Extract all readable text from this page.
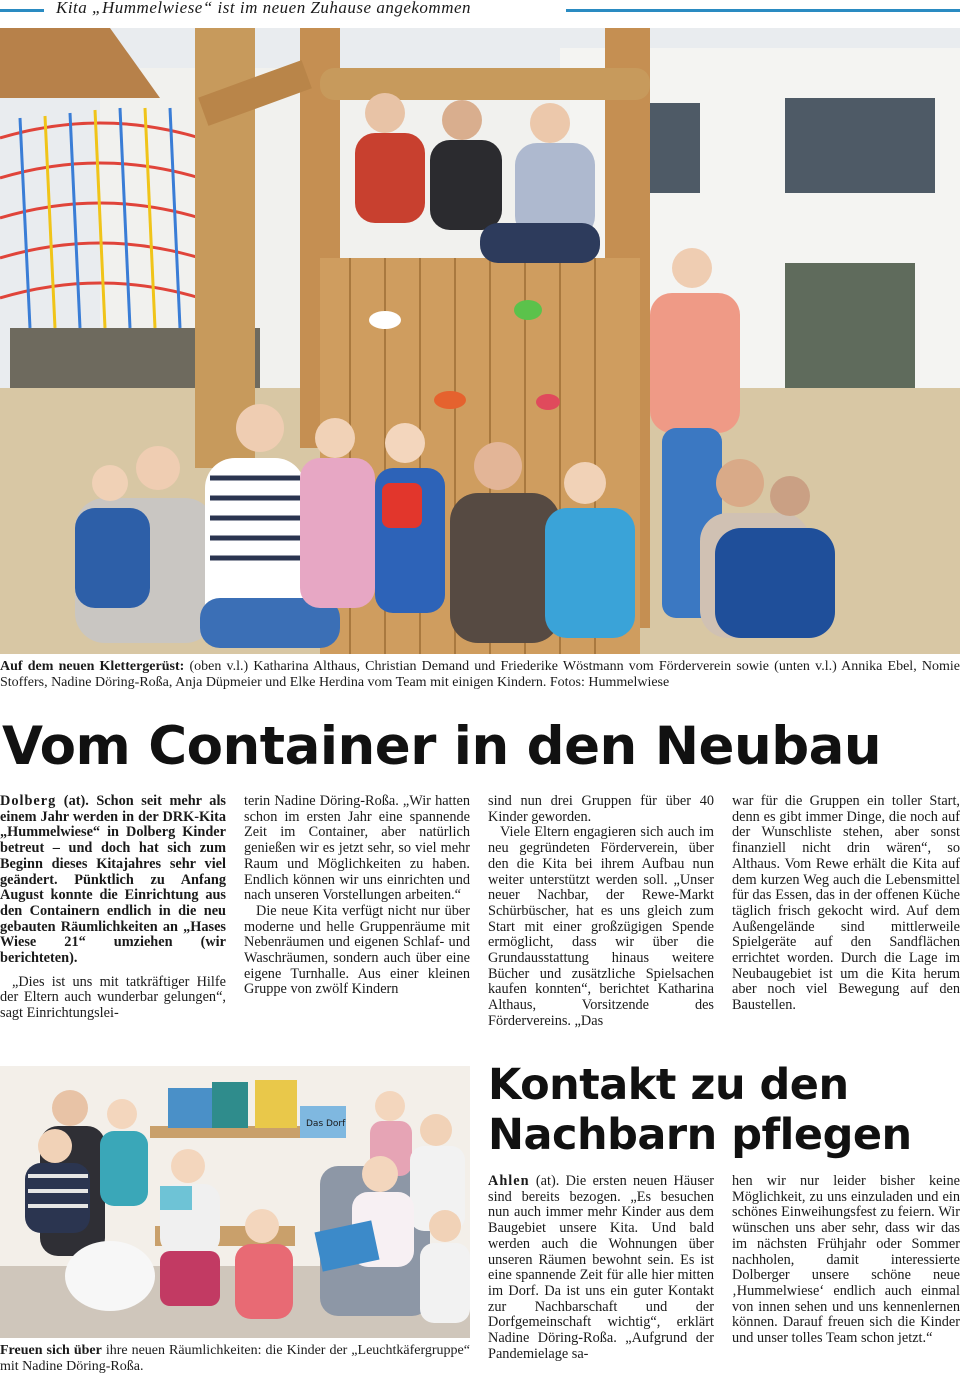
Kita „Hummelwiese“ ist im neuen Zuhause angekommen
Auf dem neuen Klettergerüst: (oben v.l.) Katharina Althaus, Christian Demand und Friederike Wöstmann vom Förderverein sowie (unten v.l.) Annika Ebel, Nomie Stoffers, Nadine Döring-Roßa, Anja Düpmeier und Elke Herdina vom Team mit einigen Kindern. Fotos: Hummelwiese
Vom Container in den Neubau

Dolberg (at). Schon seit mehr als einem Jahr werden in der DRK-Kita „Hummelwiese“ in Dolberg Kinder betreut – und doch hat sich zum Beginn dieses Kitajahres sehr viel geändert. Pünktlich zu Anfang August konnte die Einrichtung aus den Containern endlich in die neu gebauten Räumlichkeiten an „Hases Wiese 21“ umziehen (wir berichteten).

„Dies ist uns mit tatkräftiger Hilfe der Eltern auch wunderbar gelungen“, sagt Einrichtungslei-

terin Nadine Döring-Roßa. „Wir hatten schon im ersten Jahr eine spannende Zeit im Container, aber natürlich genießen wir es jetzt sehr, so viel mehr Raum und Möglichkeiten zu haben. Endlich können wir uns einrichten und nach unseren Vorstellungen arbeiten.“

Die neue Kita verfügt nicht nur über moderne und helle Gruppenräume mit Nebenräumen und eigenen Schlaf- und Waschräumen, sondern auch über eine eigene Turnhalle. Aus einer kleinen Gruppe von zwölf Kindern

sind nun drei Gruppen für über 40 Kinder geworden.

Viele Eltern engagieren sich auch im neu gegründeten Förderverein, über den die Kita bei ihrem Aufbau nun weiter unterstützt werden soll. „Unser neuer Nachbar, der Rewe-Markt Schürbüscher, hat es uns gleich zum Start mit einer großzügigen Spende ermöglicht, dass wir über die Grundausstattung hinaus weitere Bücher und zusätzliche Spielsachen kaufen konnten“, berichtet Katharina Althaus, Vorsitzende des Fördervereins. „Das

war für die Gruppen ein toller Start, denn es gibt immer Dinge, die noch auf der Wunschliste stehen, aber sonst finanziell nicht drin wären“, so Althaus. Vom Rewe erhält die Kita auf dem kurzen Weg auch die Lebensmittel für das Essen, das in der offenen Küche täglich frisch gekocht wird. Auf dem Außengelände sind mittlerweile Spielgeräte auf den Sandflächen errichtet worden. Durch die Lage im Neubaugebiet ist um die Kita herum aber noch viel Bewegung auf den Baustellen.

Das Dorf
Freuen sich über ihre neuen Räumlichkeiten: die Kinder der „Leuchtkäfergruppe“ mit Nadine Döring-Roßa.
Kontakt zu den
Nachbarn pflegen

Ahlen (at). Die ersten neuen Häuser sind bereits bezogen. „Es besuchen nun auch immer mehr Kinder aus dem Baugebiet unsere Kita. Und bald werden auch die Wohnungen über unseren Räumen bewohnt sein. Es ist eine spannende Zeit für alle hier mitten im Dorf. Da ist uns ein guter Kontakt zur Nachbarschaft und der Dorfgemeinschaft wichtig“, erklärt Nadine Döring-Roßa. „Aufgrund der Pandemielage sa-

hen wir nur leider bisher keine Möglichkeit, zu uns einzuladen und ein schönes Einweihungsfest zu feiern. Wir wünschen uns aber sehr, dass wir das im nächsten Frühjahr oder Sommer nachholen, damit interessierte Dolberger unsere schöne neue ‚Hummelwiese‘ endlich auch einmal von innen sehen und uns kennenlernen können. Darauf freuen sich die Kinder und unser tolles Team schon jetzt.“
